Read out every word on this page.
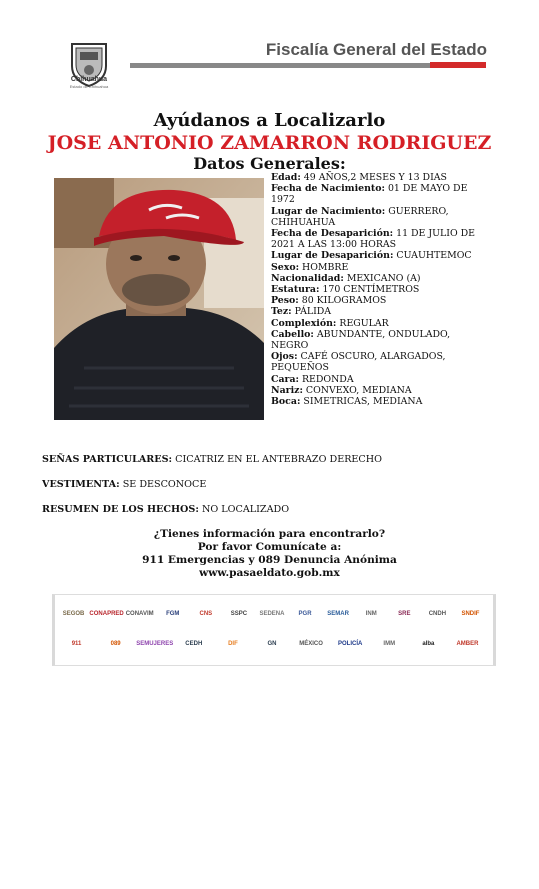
Chihuahua
Estado de Chihuahua
Fiscalía General del Estado
Ayúdanos a Localizarlo
JOSE ANTONIO ZAMARRON RODRIGUEZ
Datos Generales:
Edad: 49 AÑOS,2 MESES Y 13 DIAS
Fecha de Nacimiento: 01 DE MAYO DE 1972
Lugar de Nacimiento: GUERRERO, CHIHUAHUA
Fecha de Desaparición: 11 DE JULIO DE 2021 A LAS 13:00 HORAS
Lugar de Desaparición: CUAUHTEMOC
Sexo: HOMBRE
Nacionalidad: MEXICANO (A)
Estatura: 170 CENTÍMETROS
Peso: 80 KILOGRAMOS
Tez: PÁLIDA
Complexión: REGULAR
Cabello: ABUNDANTE, ONDULADO, NEGRO
Ojos: CAFÉ OSCURO, ALARGADOS, PEQUEÑOS
Cara: REDONDA
Nariz: CONVEXO, MEDIANA
Boca: SIMETRICAS, MEDIANA
SEÑAS PARTICULARES: CICATRIZ EN EL ANTEBRAZO DERECHO
VESTIMENTA: SE DESCONOCE
RESUMEN DE LOS HECHOS: NO LOCALIZADO
¿Tienes información para encontrarlo?
Por favor Comunícate a:
911 Emergencias y 089 Denuncia Anónima
www.pasaeldato.gob.mx
SEGOB CONAPRED CONAVIM	FGM	CNS	SSPC	SEDENA	PGR	SEMAR	INM	SRE	CNDH	SNDIF
911	089	SEMUJERES	CEDH	DIF	GN	MÉXICO	POLICÍA	IMM	alba	AMBER
